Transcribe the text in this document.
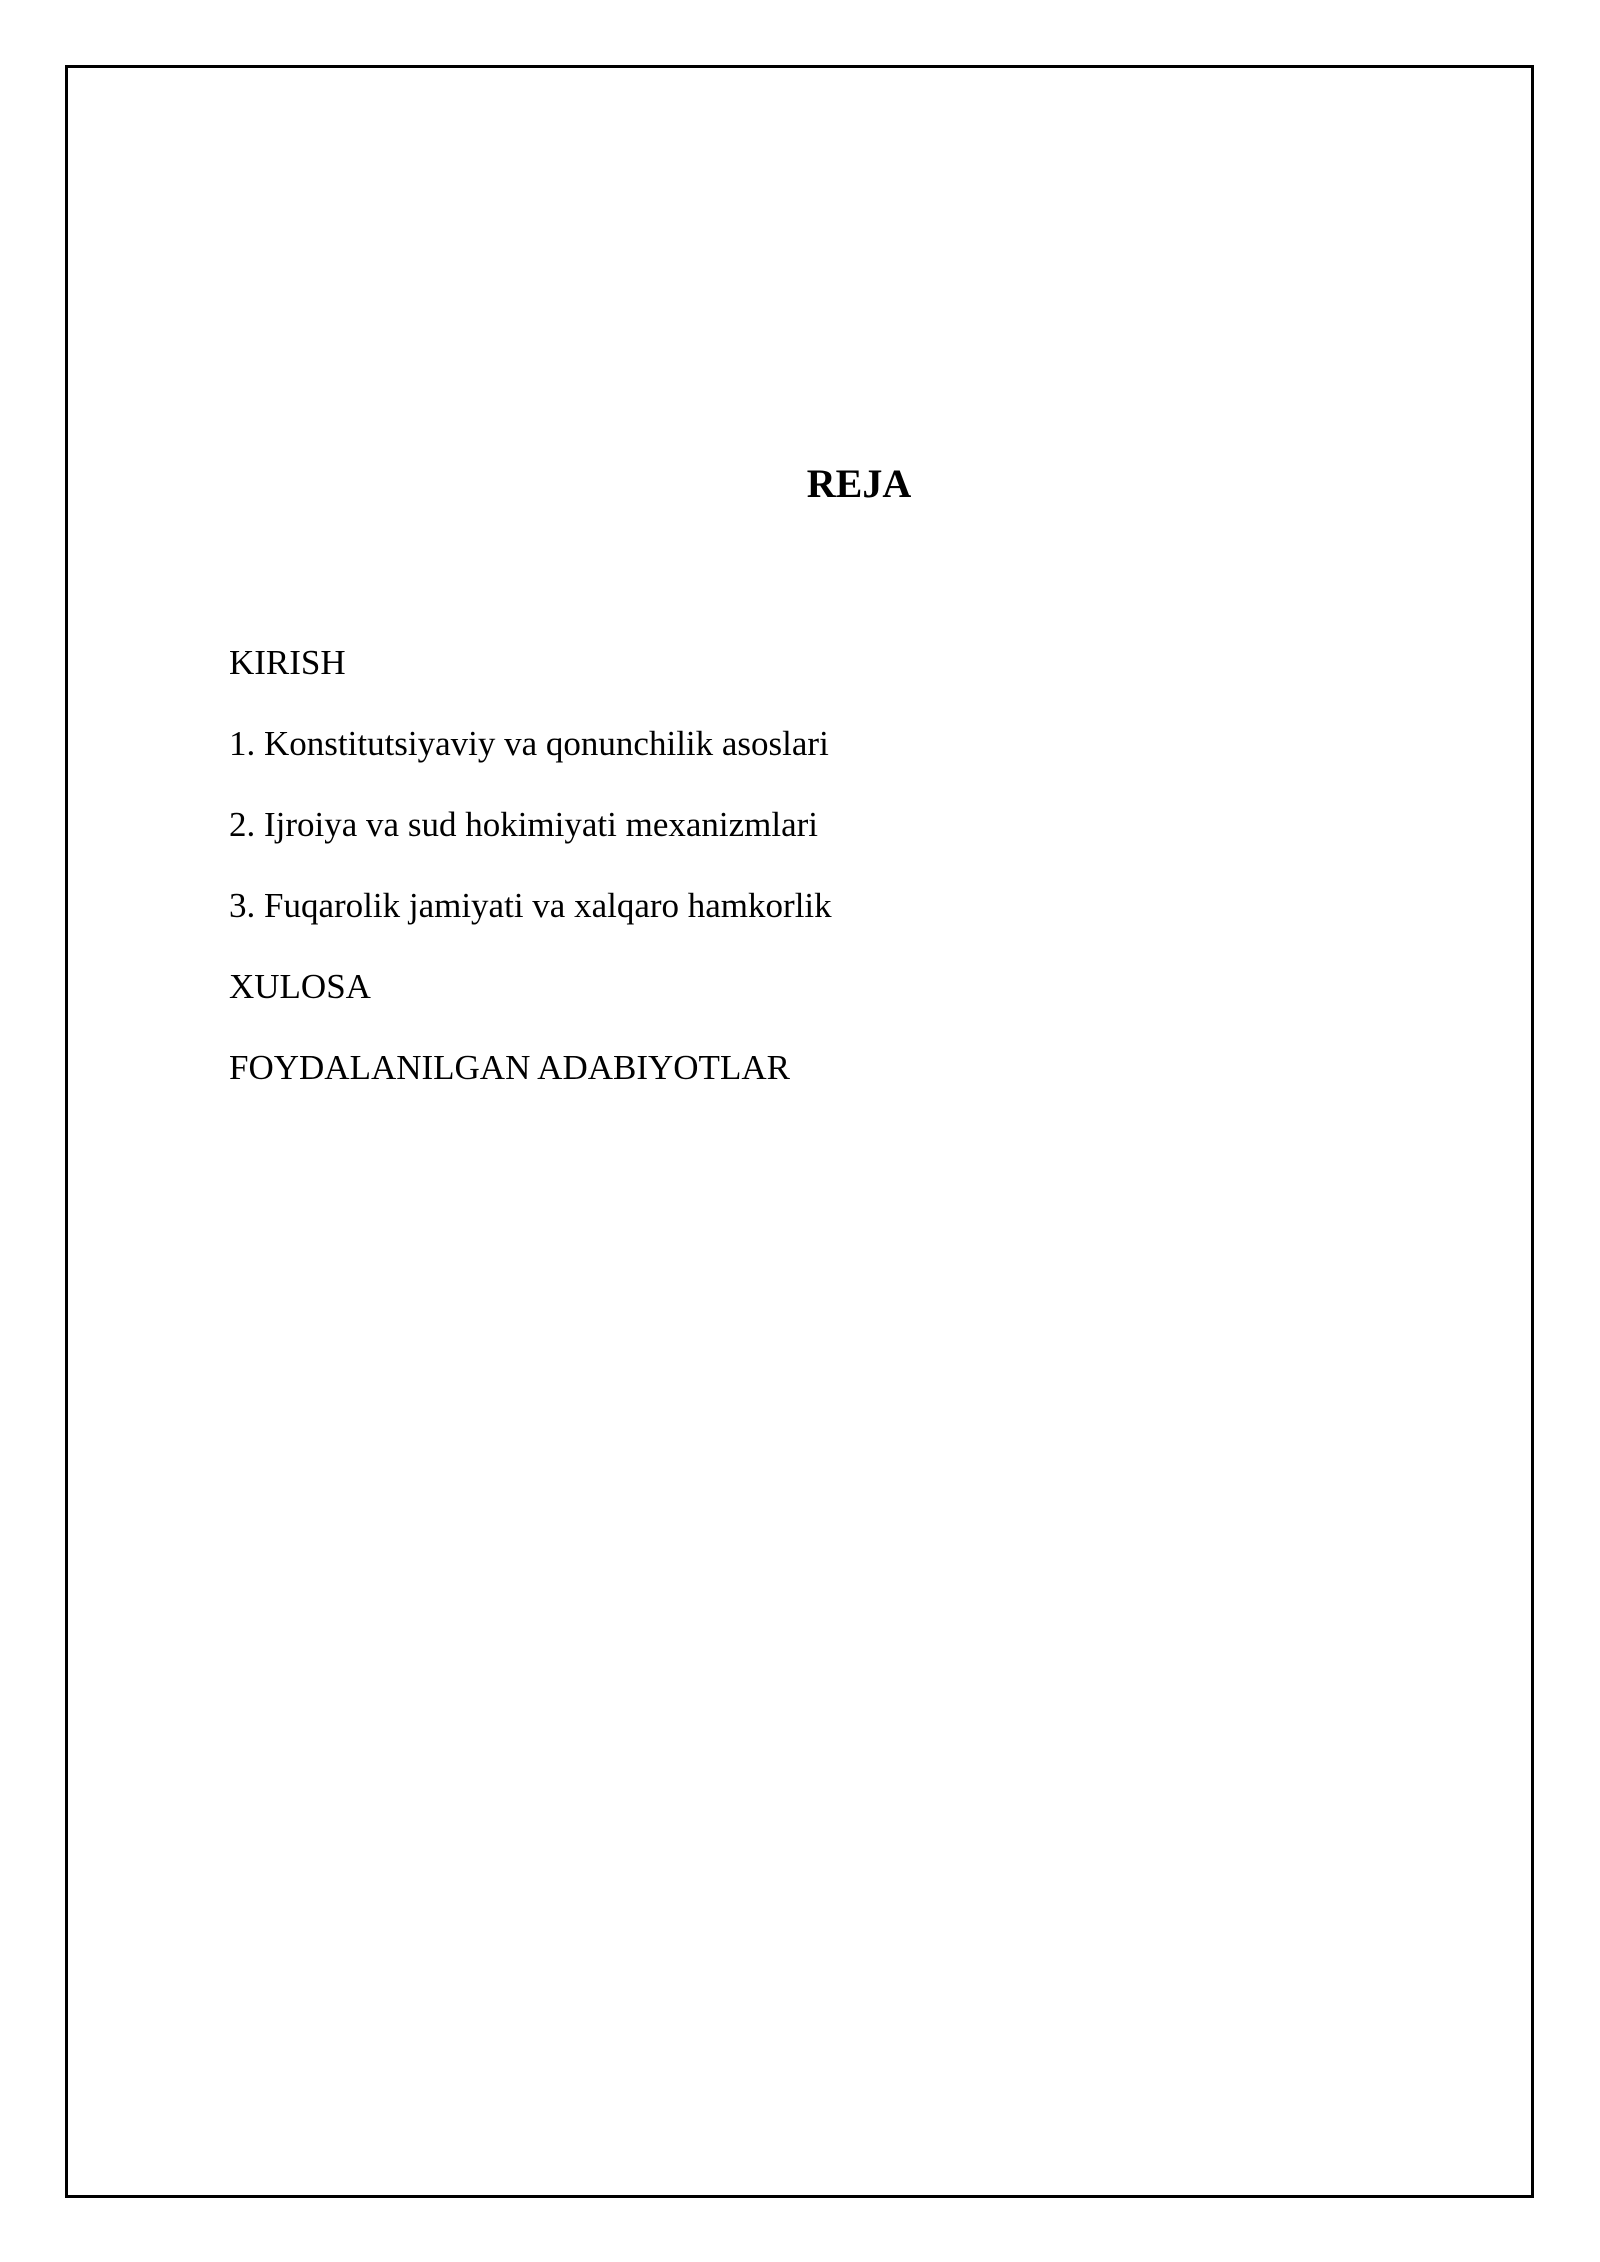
REJA
KIRISH
1. Konstitutsiyaviy va qonunchilik asoslari
2. Ijroiya va sud hokimiyati mexanizmlari
3. Fuqarolik jamiyati va xalqaro hamkorlik
XULOSA
FOYDALANILGAN ADABIYOTLAR
